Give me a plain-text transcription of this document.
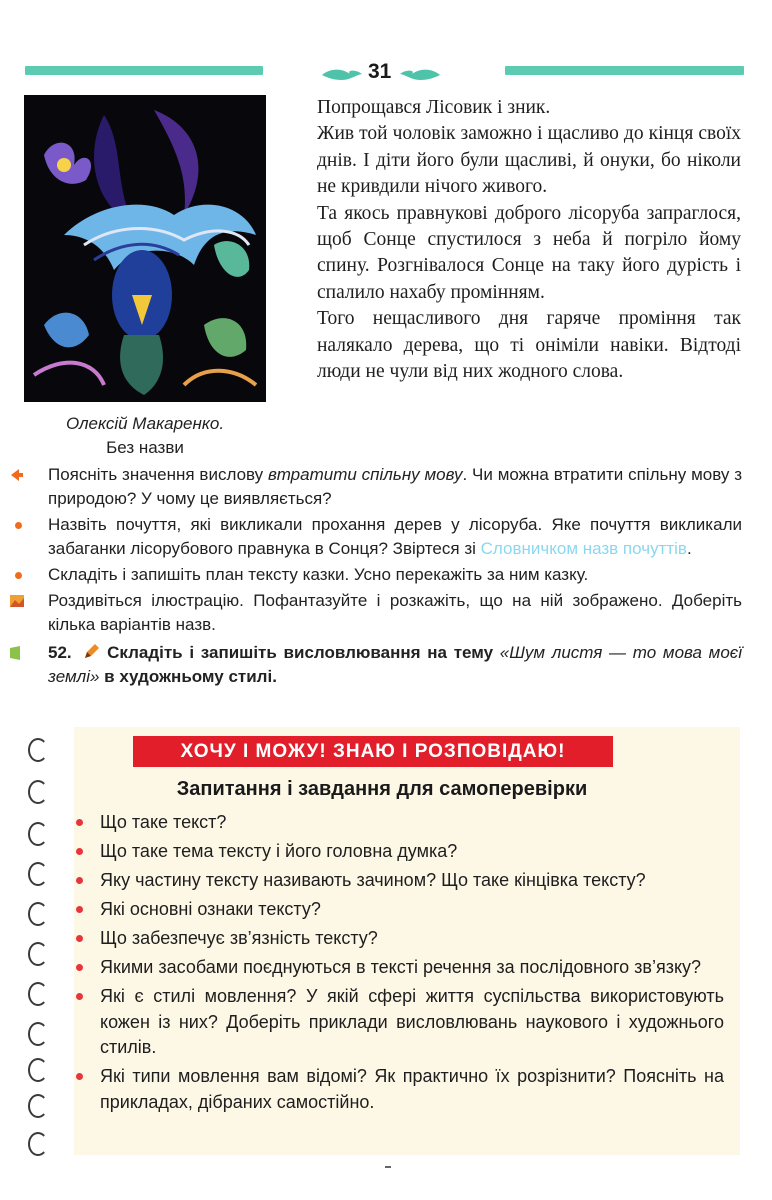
31
Олексій Макаренко.
Без назви

Попрощався Лісовик і зник.

Жив той чоловік заможно і щасливо до кінця своїх днів. І діти його були щасливі, й онуки, бо ніколи не кривдили нічого живого.

Та якось правнукові доброго лісоруба запраглося, щоб Сонце спустилося з неба й погріло йому спину. Розгнівалося Сонце на таку його дурість і спалило нахабу промінням.

Того нещасливого дня гаряче проміння так налякало дерева, що ті оніміли навіки. Відтоді люди не чули від них жодного слова.

Поясніть значення вислову втратити спільну мову. Чи можна втратити спільну мову з природою? У чому це виявляється?
Назвіть почуття, які викликали прохання дерев у лісоруба. Яке почуття викликали забаганки лісорубового правнука в Сонця? Звіртеся зі Словничком назв почуттів.
Складіть і запишіть план тексту казки. Усно перекажіть за ним казку.
Роздивіться ілюстрацію. Пофантазуйте і розкажіть, що на ній зображено. Доберіть кілька варіантів назв.
52.  Складіть і запишіть висловлювання на тему «Шум листя — то мова моєї землі» в художньому стилі.
ХОЧУ І МОЖУ! ЗНАЮ І РОЗПОВІДАЮ!
Запитання і завдання для самоперевірки
Що таке текст?
Що таке тема тексту і його головна думка?
Яку частину тексту називають зачином? Що таке кінцівка тексту?
Які основні ознаки тексту?
Що забезпечує зв’язність тексту?
Якими засобами поєднуються в тексті речення за послідовного зв’язку?
Які є стилі мовлення? У якій сфері життя суспільства використовують кожен із них? Доберіть приклади висловлювань наукового і художнього стилів.
Які типи мовлення вам відомі? Як практично їх розрізнити? Поясніть на прикладах, дібраних самостійно.
